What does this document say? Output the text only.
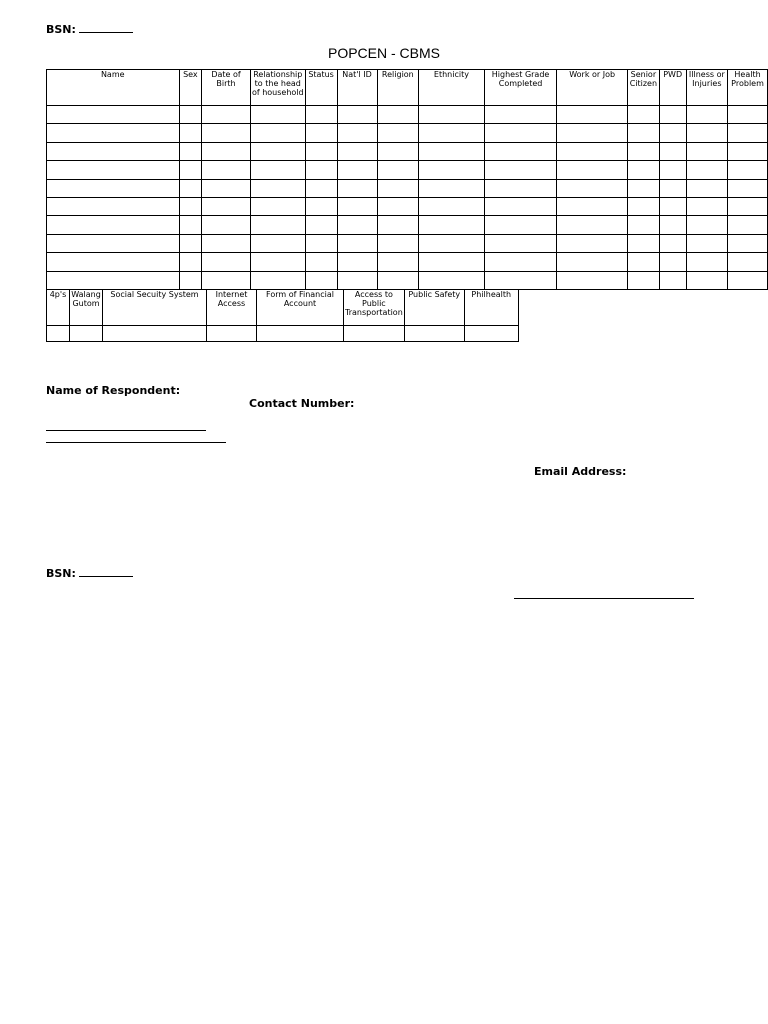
BSN:
POPCEN - CBMS
Name	Sex	Date of Birth	Relationship to the head of household	Status	Nat'l ID	Religion	Ethnicity	Highest Grade Completed	Work or Job	Senior Citizen	PWD	Illness or Injuries	Health Problem

4p's	Walang Gutom	Social Secuity System	Internet Access	Form of Financial Account	Access to Public Transportation	Public Safety	Philhealth

Name of Respondent:
Contact Number:
Email Address:
BSN:
